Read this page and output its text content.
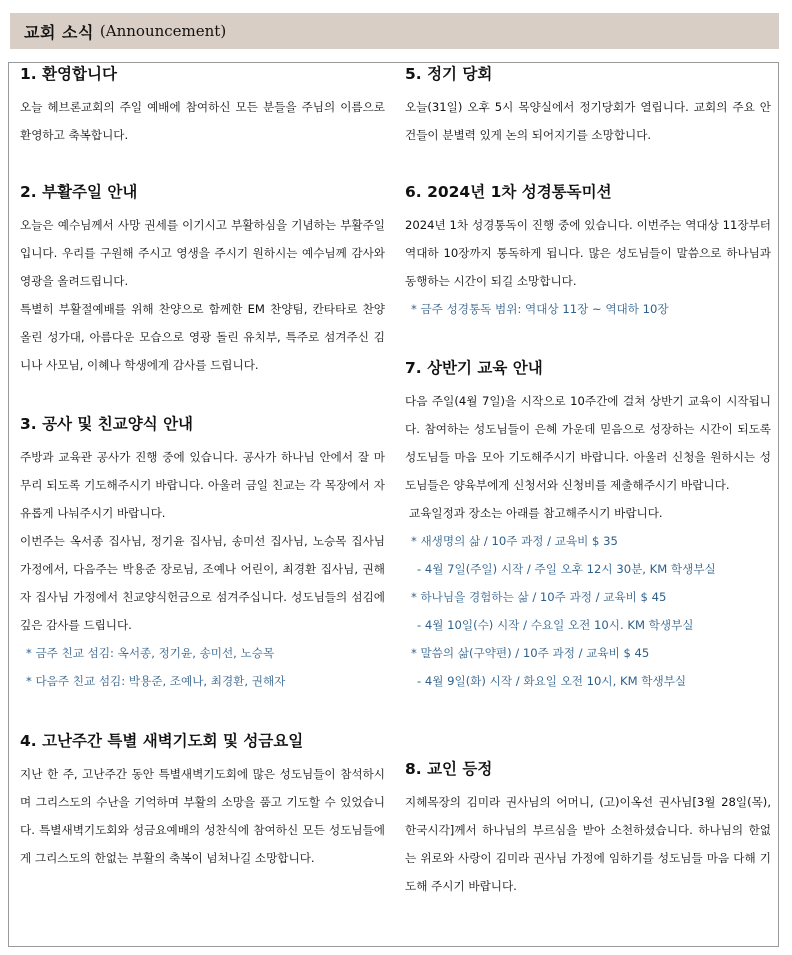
교회 소식 (Announcement)
1. 환영합니다

오늘 헤브론교회의 주일 예배에 참여하신 모든 분들을 주님의 이름으로 환영하고 축복합니다.

2. 부활주일 안내

오늘은 예수님께서 사망 권세를 이기시고 부활하심을 기념하는 부활주일입니다. 우리를 구원해 주시고 영생을 주시기 원하시는 예수님께 감사와 영광을 올려드립니다.

특별히 부활절예배를 위해 찬양으로 함께한 EM 찬양팀, 칸타타로 찬양 올린 성가대, 아름다운 모습으로 영광 돌린 유치부, 특주로 섬겨주신 김니나 사모님, 이혜나 학생에게 감사를 드립니다.

3. 공사 및 친교양식 안내

주방과 교육관 공사가 진행 중에 있습니다. 공사가 하나님 안에서 잘 마무리 되도록 기도해주시기 바랍니다. 아울러 금일 친교는 각 목장에서 자유롭게 나눠주시기 바랍니다.

이번주는 옥서종 집사님, 정기윤 집사님, 송미선 집사님, 노승목 집사님 가정에서, 다음주는 박용준 장로님, 조예나 어린이, 최경환 집사님, 권해자 집사님 가정에서 친교양식헌금으로 섬겨주십니다. 성도님들의 섬김에 깊은 감사를 드립니다.

* 금주 친교 섬김: 옥서종, 정기윤, 송미선, 노승목

* 다음주 친교 섬김: 박용준, 조예나, 최경환, 권해자

4. 고난주간 특별 새벽기도회 및 성금요일

지난 한 주, 고난주간 동안 특별새벽기도회에 많은 성도님들이 참석하시며 그리스도의 수난을 기억하며 부활의 소망을 품고 기도할 수 있었습니다. 특별새벽기도회와 성금요예배의 성찬식에 참여하신 모든 성도님들에게 그리스도의 한없는 부활의 축복이 넘쳐나길 소망합니다.

5. 정기 당회

오늘(31일) 오후 5시 목양실에서 정기당회가 열립니다. 교회의 주요 안건들이 분별력 있게 논의 되어지기를 소망합니다.

6. 2024년 1차 성경통독미션

2024년 1차 성경통독이 진행 중에 있습니다. 이번주는 역대상 11장부터 역대하 10장까지 통독하게 됩니다. 많은 성도님들이 말씀으로 하나님과 동행하는 시간이 되길 소망합니다.

* 금주 성경통독 범위: 역대상 11장 ~ 역대하 10장

7. 상반기 교육 안내

다음 주일(4월 7일)을 시작으로 10주간에 걸쳐 상반기 교육이 시작됩니다. 참여하는 성도님들이 은혜 가운데 믿음으로 성장하는 시간이 되도록 성도님들 마음 모아 기도해주시기 바랍니다. 아울러 신청을 원하시는 성도님들은 양육부에게 신청서와 신청비를 제출해주시기 바랍니다.

교육일정과 장소는 아래를 참고해주시기 바랍니다.

* 새생명의 삶 / 10주 과정 / 교육비 $ 35

- 4월 7일(주일) 시작 / 주일 오후 12시 30분, KM 학생부실

* 하나님을 경험하는 삶 / 10주 과정 / 교육비 $ 45

- 4월 10일(수) 시작 / 수요일 오전 10시. KM 학생부실

* 말씀의 삶(구약편) / 10주 과정 / 교육비 $ 45

- 4월 9일(화) 시작 / 화요일 오전 10시, KM 학생부실

8. 교인 등정

지헤목장의 김미라 권사님의 어머니, (고)이옥선 권사님[3월 28일(목), 한국시각]께서 하나님의 부르심을 받아 소천하셨습니다. 하나님의 한없는 위로와 사랑이 김미라 권사님 가정에 임하기를 성도님들 마음 다해 기도해 주시기 바랍니다.
